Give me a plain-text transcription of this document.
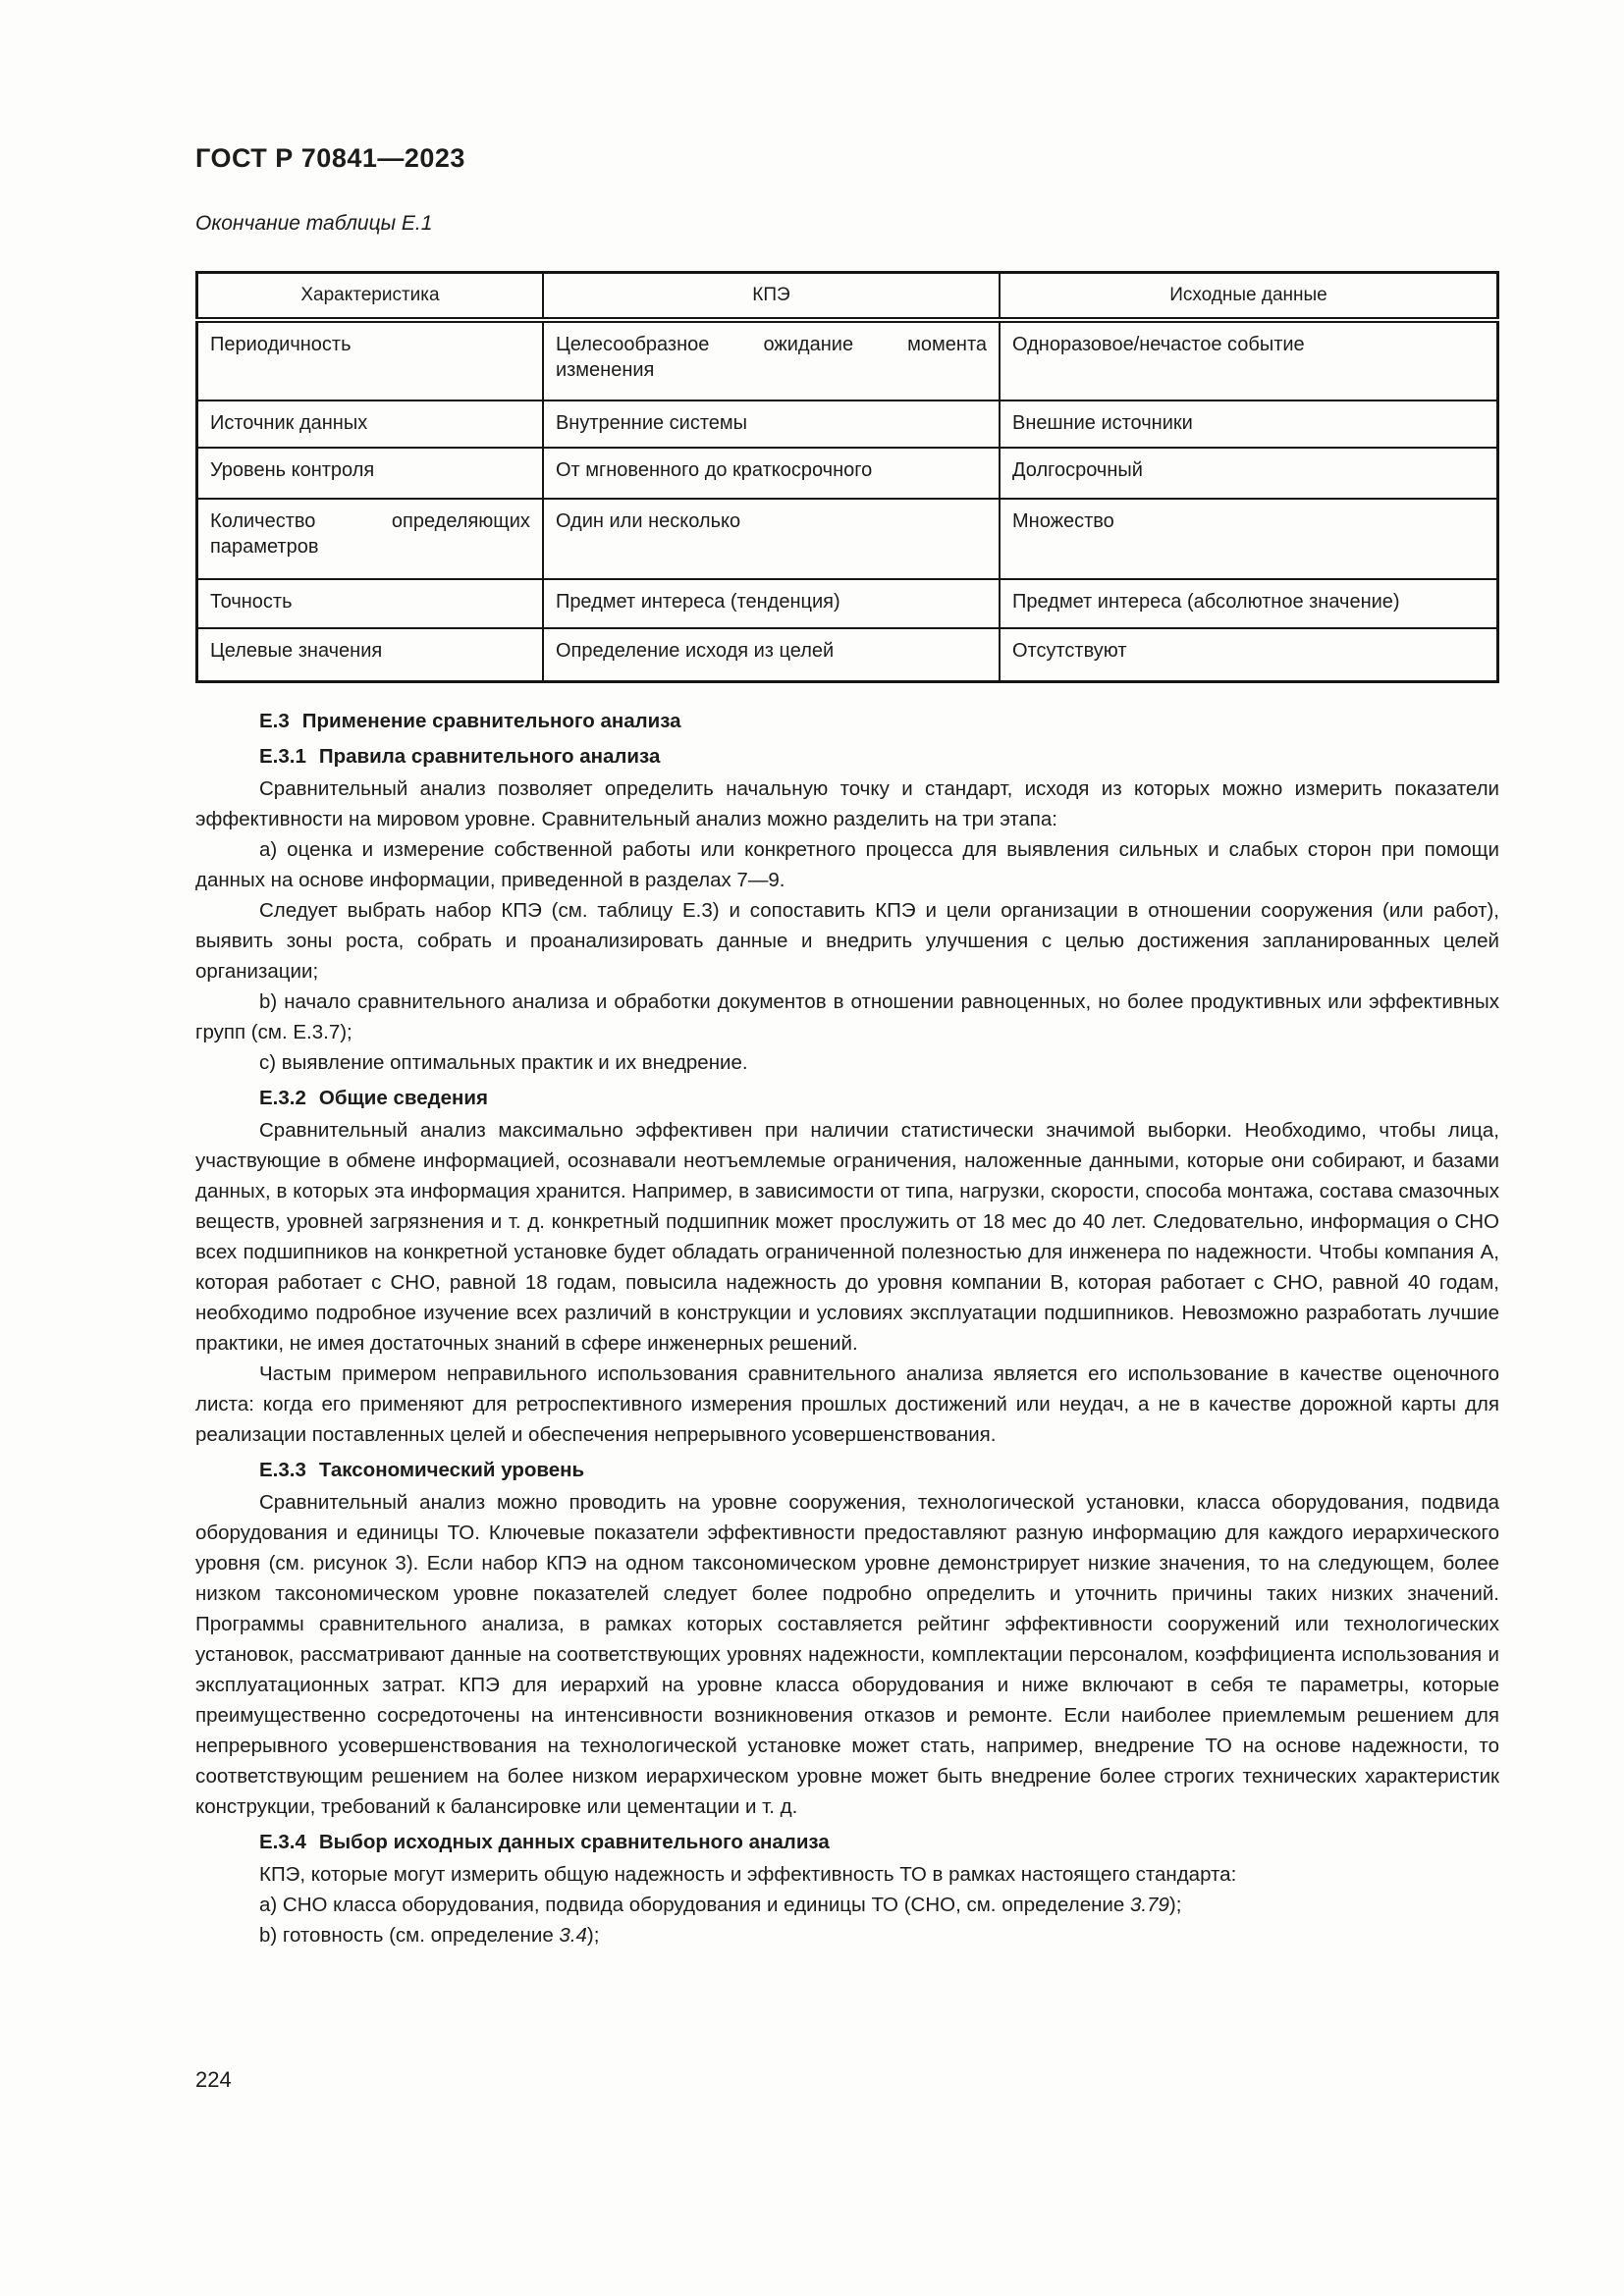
ГОСТ Р 70841—2023
Окончание таблицы Е.1
Характеристика	КПЭ	Исходные данные
Периодичность	Целесообразное ожидание момента изменения	Одноразовое/нечастое событие
Источник данных	Внутренние системы	Внешние источники
Уровень контроля	От мгновенного до краткосрочного	Долгосрочный
Количество определяющих параметров	Один или несколько	Множество
Точность	Предмет интереса (тенденция)	Предмет интереса (абсолютное значение)
Целевые значения	Определение исходя из целей	Отсутствуют

Е.3 Применение сравнительного анализа

Е.3.1 Правила сравнительного анализа

Сравнительный анализ позволяет определить начальную точку и стандарт, исходя из которых можно измерить показатели эффективности на мировом уровне. Сравнительный анализ можно разделить на три этапа:

a) оценка и измерение собственной работы или конкретного процесса для выявления сильных и слабых сторон при помощи данных на основе информации, приведенной в разделах 7—9.

Следует выбрать набор КПЭ (см. таблицу Е.3) и сопоставить КПЭ и цели организации в отношении сооружения (или работ), выявить зоны роста, собрать и проанализировать данные и внедрить улучшения с целью достижения запланированных целей организации;

b) начало сравнительного анализа и обработки документов в отношении равноценных, но более продуктивных или эффективных групп (см. Е.3.7);

c) выявление оптимальных практик и их внедрение.

Е.3.2 Общие сведения

Сравнительный анализ максимально эффективен при наличии статистически значимой выборки. Необходимо, чтобы лица, участвующие в обмене информацией, осознавали неотъемлемые ограничения, наложенные данными, которые они собирают, и базами данных, в которых эта информация хранится. Например, в зависимости от типа, нагрузки, скорости, способа монтажа, состава смазочных веществ, уровней загрязнения и т. д. конкретный подшипник может прослужить от 18 мес до 40 лет. Следовательно, информация о СНО всех подшипников на конкретной установке будет обладать ограниченной полезностью для инженера по надежности. Чтобы компания А, которая работает с СНО, равной 18 годам, повысила надежность до уровня компании В, которая работает с СНО, равной 40 годам, необходимо подробное изучение всех различий в конструкции и условиях эксплуатации подшипников. Невозможно разработать лучшие практики, не имея достаточных знаний в сфере инженерных решений.

Частым примером неправильного использования сравнительного анализа является его использование в качестве оценочного листа: когда его применяют для ретроспективного измерения прошлых достижений или неудач, а не в качестве дорожной карты для реализации поставленных целей и обеспечения непрерывного усовершенствования.

Е.3.3 Таксономический уровень

Сравнительный анализ можно проводить на уровне сооружения, технологической установки, класса оборудования, подвида оборудования и единицы ТО. Ключевые показатели эффективности предоставляют разную информацию для каждого иерархического уровня (см. рисунок 3). Если набор КПЭ на одном таксономическом уровне демонстрирует низкие значения, то на следующем, более низком таксономическом уровне показателей следует более подробно определить и уточнить причины таких низких значений. Программы сравнительного анализа, в рамках которых составляется рейтинг эффективности сооружений или технологических установок, рассматривают данные на соответствующих уровнях надежности, комплектации персоналом, коэффициента использования и эксплуатационных затрат. КПЭ для иерархий на уровне класса оборудования и ниже включают в себя те параметры, которые преимущественно сосредоточены на интенсивности возникновения отказов и ремонте. Если наиболее приемлемым решением для непрерывного усовершенствования на технологической установке может стать, например, внедрение ТО на основе надежности, то соответствующим решением на более низком иерархическом уровне может быть внедрение более строгих технических характеристик конструкции, требований к балансировке или цементации и т. д.

Е.3.4 Выбор исходных данных сравнительного анализа

КПЭ, которые могут измерить общую надежность и эффективность ТО в рамках настоящего стандарта:

a) СНО класса оборудования, подвида оборудования и единицы ТО (СНО, см. определение 3.79);

b) готовность (см. определение 3.4);

224
